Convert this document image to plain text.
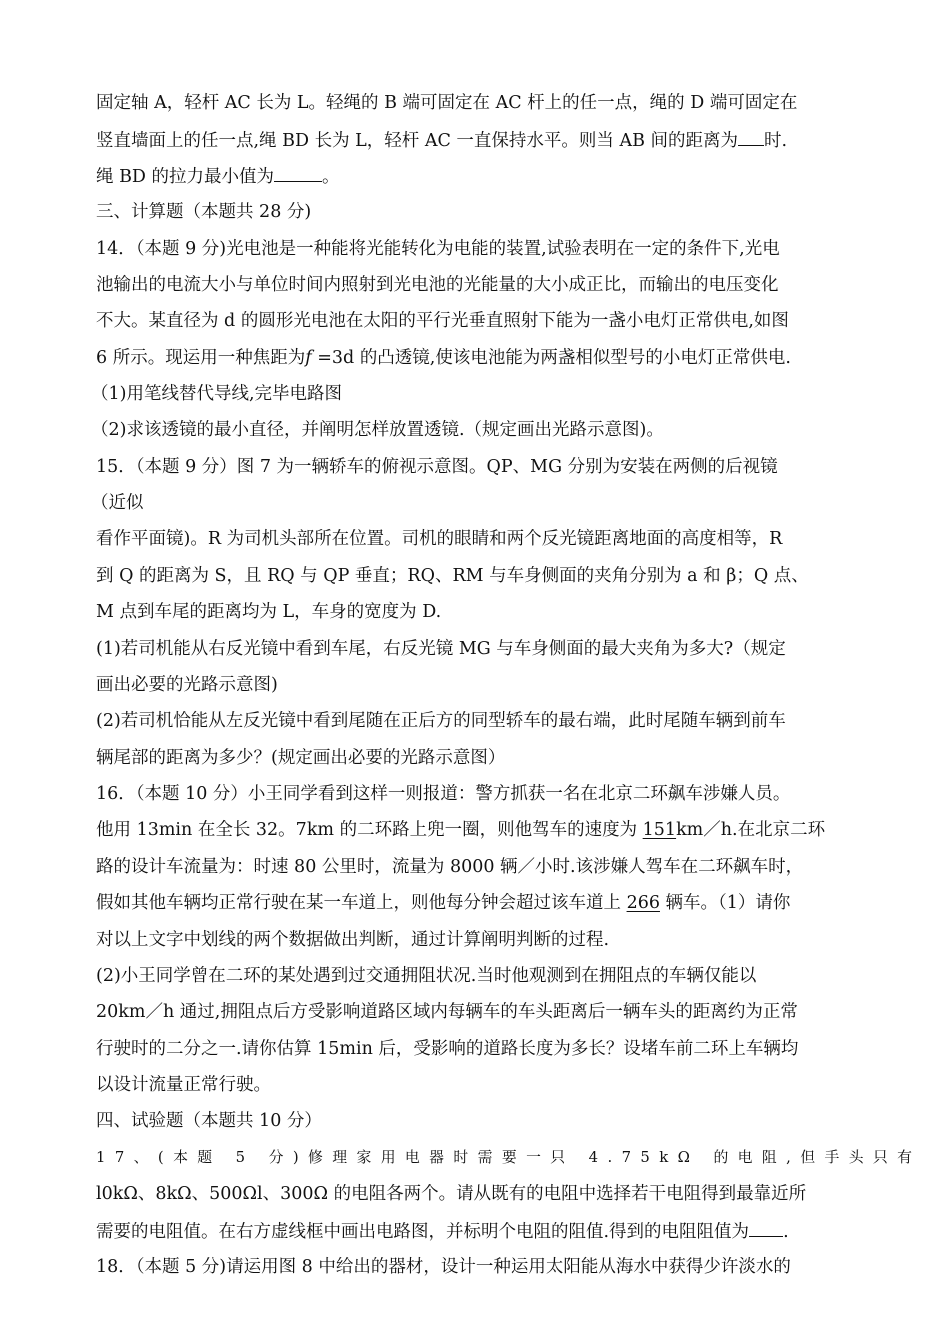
固定轴 A，轻杆 AC 长为 L。轻绳的 B 端可固定在 AC 杆上的任一点，绳的 D 端可固定在
竖直墙面上的任一点,绳 BD 长为 L，轻杆 AC 一直保持水平。则当 AB 间的距离为 时.
绳 BD 的拉力最小值为	。
三、计算题（本题共 28 分)
14．（本题 9 分)光电池是一种能将光能转化为电能的装置,试验表明在一定的条件下,光电
池输出的电流大小与单位时间内照射到光电池的光能量的大小成正比，而输出的电压变化
不大。某直径为 d 的圆形光电池在太阳的平行光垂直照射下能为一盏小电灯正常供电,如图
6 所示。现运用一种焦距为f =3d 的凸透镜,使该电池能为两盏相似型号的小电灯正常供电.
（1)用笔线替代导线,完毕电路图
（2)求该透镜的最小直径，并阐明怎样放置透镜.（规定画出光路示意图)。
15．（本题 9 分）图 7 为一辆轿车的俯视示意图。QP、MG 分别为安装在两侧的后视镜
（近似
看作平面镜)。R 为司机头部所在位置。司机的眼睛和两个反光镜距离地面的高度相等，R
到 Q 的距离为 S，且 RQ 与 QP 垂直；RQ、RM 与车身侧面的夹角分别为 a 和 β；Q 点、
M 点到车尾的距离均为 L，车身的宽度为 D.
(1)若司机能从右反光镜中看到车尾，右反光镜 MG 与车身侧面的最大夹角为多大?（规定
画出必要的光路示意图)
(2)若司机恰能从左反光镜中看到尾随在正后方的同型轿车的最右端，此时尾随车辆到前车
辆尾部的距离为多少？(规定画出必要的光路示意图）
16．（本题 10 分）小王同学看到这样一则报道：警方抓获一名在北京二环飙车涉嫌人员。
他用 13min 在全长 32。7km 的二环路上兜一圈，则他驾车的速度为 151km／h.在北京二环
路的设计车流量为：时速 80 公里时，流量为 8000 辆／小时.该涉嫌人驾车在二环飙车时，
假如其他车辆均正常行驶在某一车道上，则他每分钟会超过该车道上 266 辆车。（1）请你
对以上文字中划线的两个数据做出判断，通过计算阐明判断的过程.
(2)小王同学曾在二环的某处遇到过交通拥阻状况.当时他观测到在拥阻点的车辆仅能以
20km／h 通过,拥阻点后方受影响道路区域内每辆车的车头距离后一辆车头的距离约为正常
行驶时的二分之一.请你估算 15min 后，受影响的道路长度为多长？设堵车前二环上车辆均
以设计流量正常行驶。
四、试验题（本题共 10 分）
17、(本题 5 分)修理家用电器时需要一只 4.75kΩ 的电阻,但手头只有
l0kΩ、8kΩ、500Ωl、300Ω 的电阻各两个。请从既有的电阻中选择若干电阻得到最靠近所
需要的电阻值。在右方虚线框中画出电路图，并标明个电阻的阻值.得到的电阻阻值为 .
18．（本题 5 分)请运用图 8 中给出的器材，设计一种运用太阳能从海水中获得少许淡水的
